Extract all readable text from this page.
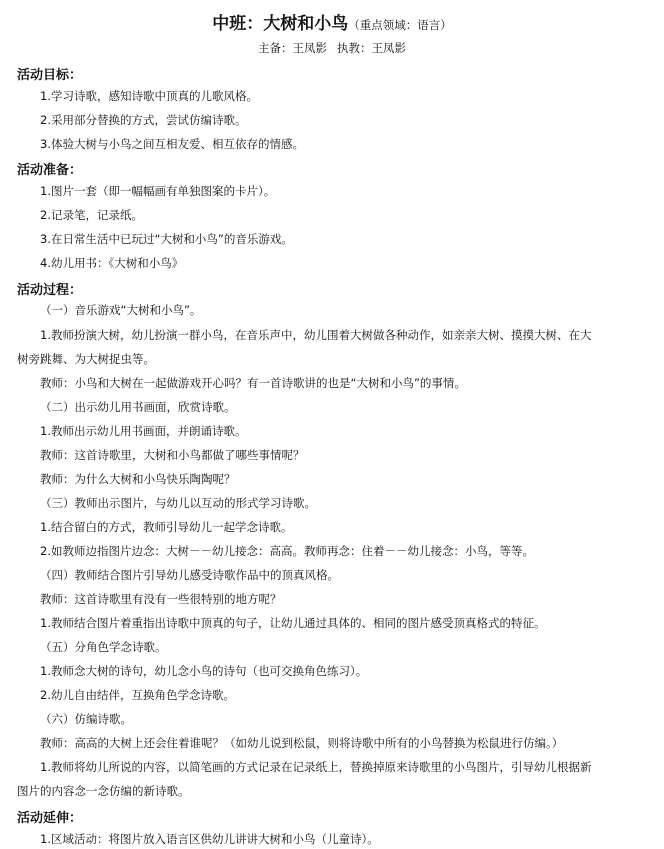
中班：大树和小鸟（重点领域：语言）
主备：王凤影 执教：王凤影
活动目标：
1.学习诗歌，感知诗歌中顶真的儿歌风格。
2.采用部分替换的方式，尝试仿编诗歌。
3.体验大树与小鸟之间互相友爱、相互依存的情感。
活动准备：
1.图片一套（即一幅幅画有单独图案的卡片）。
2.记录笔，记录纸。
3.在日常生活中已玩过“大树和小鸟”的音乐游戏。
4.幼儿用书：《大树和小鸟》
活动过程：
（一）音乐游戏“大树和小鸟”。
1.教师扮演大树，幼儿扮演一群小鸟，在音乐声中，幼儿围着大树做各种动作，如亲亲大树、摸摸大树、在大
树旁跳舞、为大树捉虫等。
教师：小鸟和大树在一起做游戏开心吗？有一首诗歌讲的也是“大树和小鸟”的事情。
（二）出示幼儿用书画面，欣赏诗歌。
1.教师出示幼儿用书画面，并朗诵诗歌。
教师：这首诗歌里，大树和小鸟都做了哪些事情呢？
教师：为什么大树和小鸟快乐陶陶呢？
（三）教师出示图片，与幼儿以互动的形式学习诗歌。
1.结合留白的方式，教师引导幼儿一起学念诗歌。
2.如教师边指图片边念：大树－－幼儿接念：高高。教师再念：住着－－幼儿接念：小鸟，等等。
（四）教师结合图片引导幼儿感受诗歌作品中的顶真风格。
教师：这首诗歌里有没有一些很特别的地方呢？
1.教师结合图片着重指出诗歌中顶真的句子，让幼儿通过具体的、相同的图片感受顶真格式的特征。
（五）分角色学念诗歌。
1.教师念大树的诗句，幼儿念小鸟的诗句（也可交换角色练习）。
2.幼儿自由结伴，互换角色学念诗歌。
（六）仿编诗歌。
教师：高高的大树上还会住着谁呢？（如幼儿说到松鼠，则将诗歌中所有的小鸟替换为松鼠进行仿编。）
1.教师将幼儿所说的内容，以简笔画的方式记录在记录纸上，替换掉原来诗歌里的小鸟图片，引导幼儿根据新
图片的内容念一念仿编的新诗歌。
活动延伸：
1.区域活动：将图片放入语言区供幼儿讲讲大树和小鸟（儿童诗）。
